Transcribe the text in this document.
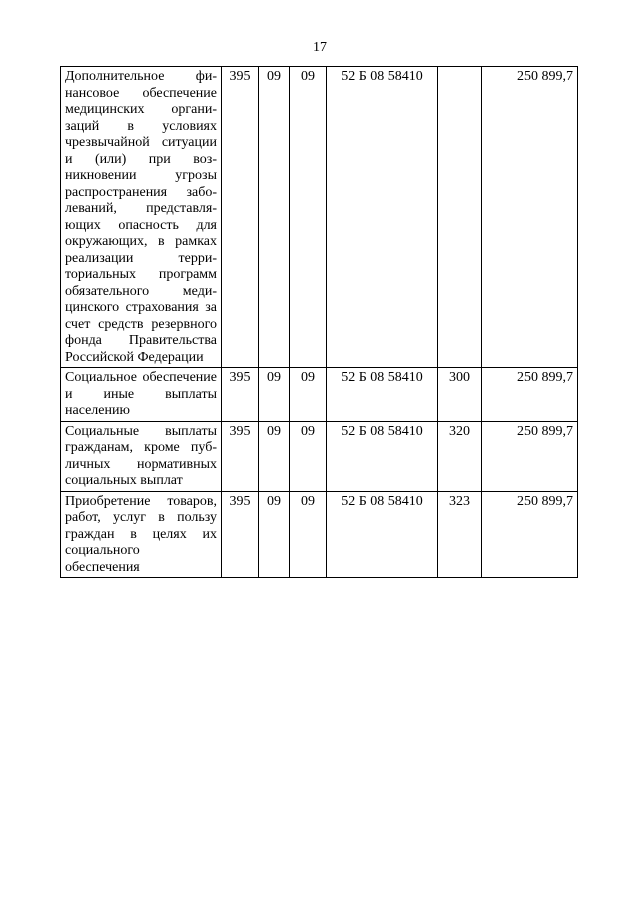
17
Дополнительное финансовое обеспечение медицинских организаций в условиях чрезвычайной ситуации и (или) при возникновении угрозы распространения заболеваний, представляющих опасность для окружающих, в рамках реализации территориальных программ обязательного медицинского страхования за счет средств резервного фонда Правительства Российской Федерации	395	09	09	52 Б 08 58410		250 899,7
Социальное обеспечение и иные выплаты населению	395	09	09	52 Б 08 58410	300	250 899,7
Социальные выплаты гражданам, кроме публичных нормативных социальных выплат	395	09	09	52 Б 08 58410	320	250 899,7
Приобретение товаров, работ, услуг в пользу граждан в целях их социального обеспечения	395	09	09	52 Б 08 58410	323	250 899,7
